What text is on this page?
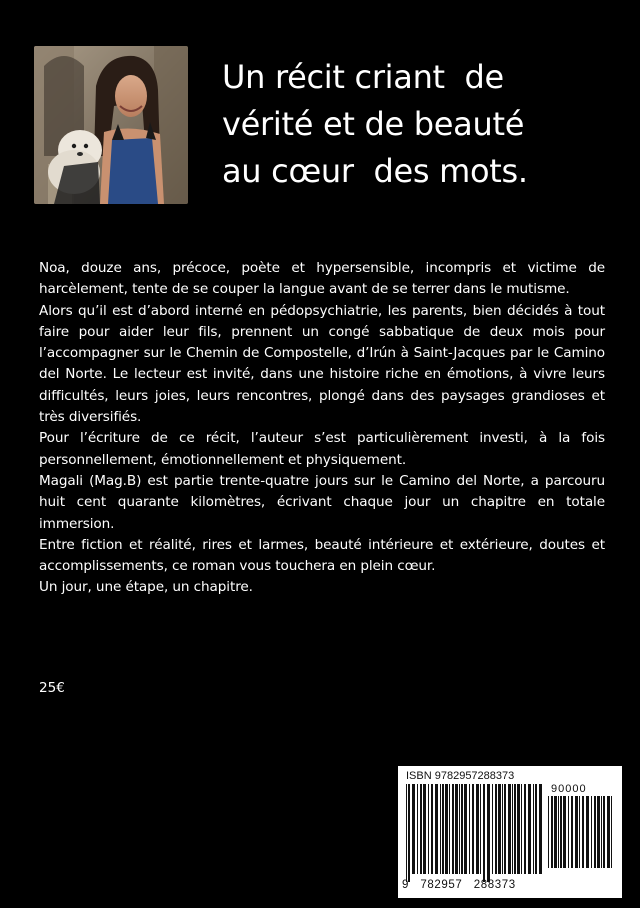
Un récit criant  de
vérité et de beauté
au cœur  des mots.

Noa, douze ans, précoce, poète et hypersensible, incompris et victime de harcèlement, tente de se couper la langue avant de se terrer dans le mutisme.

Alors qu’il est d’abord interné en pédopsychiatrie, les parents, bien décidés à tout faire pour aider leur fils, prennent un congé sabbatique de deux mois pour l’accompagner sur le Chemin de Compostelle, d’Irún à Saint-Jacques par le Camino del Norte. Le lecteur est invité, dans une histoire riche en émotions, à vivre leurs difficultés, leurs joies, leurs rencontres, plongé dans des paysages grandioses et très diversifiés.

Pour l’écriture de ce récit, l’auteur s’est particulièrement investi, à la fois personnellement, émotionnellement et physiquement.

Magali (Mag.B) est partie trente-quatre jours sur le Camino del Norte, a parcouru huit cent quarante kilomètres, écrivant chaque jour un chapitre en totale immersion.

Entre fiction et réalité, rires et larmes, beauté intérieure et extérieure, doutes et accomplissements, ce roman vous touchera en plein cœur.

Un jour, une étape, un chapitre.

25€
ISBN 9782957288373
90000
9 782957 288373
